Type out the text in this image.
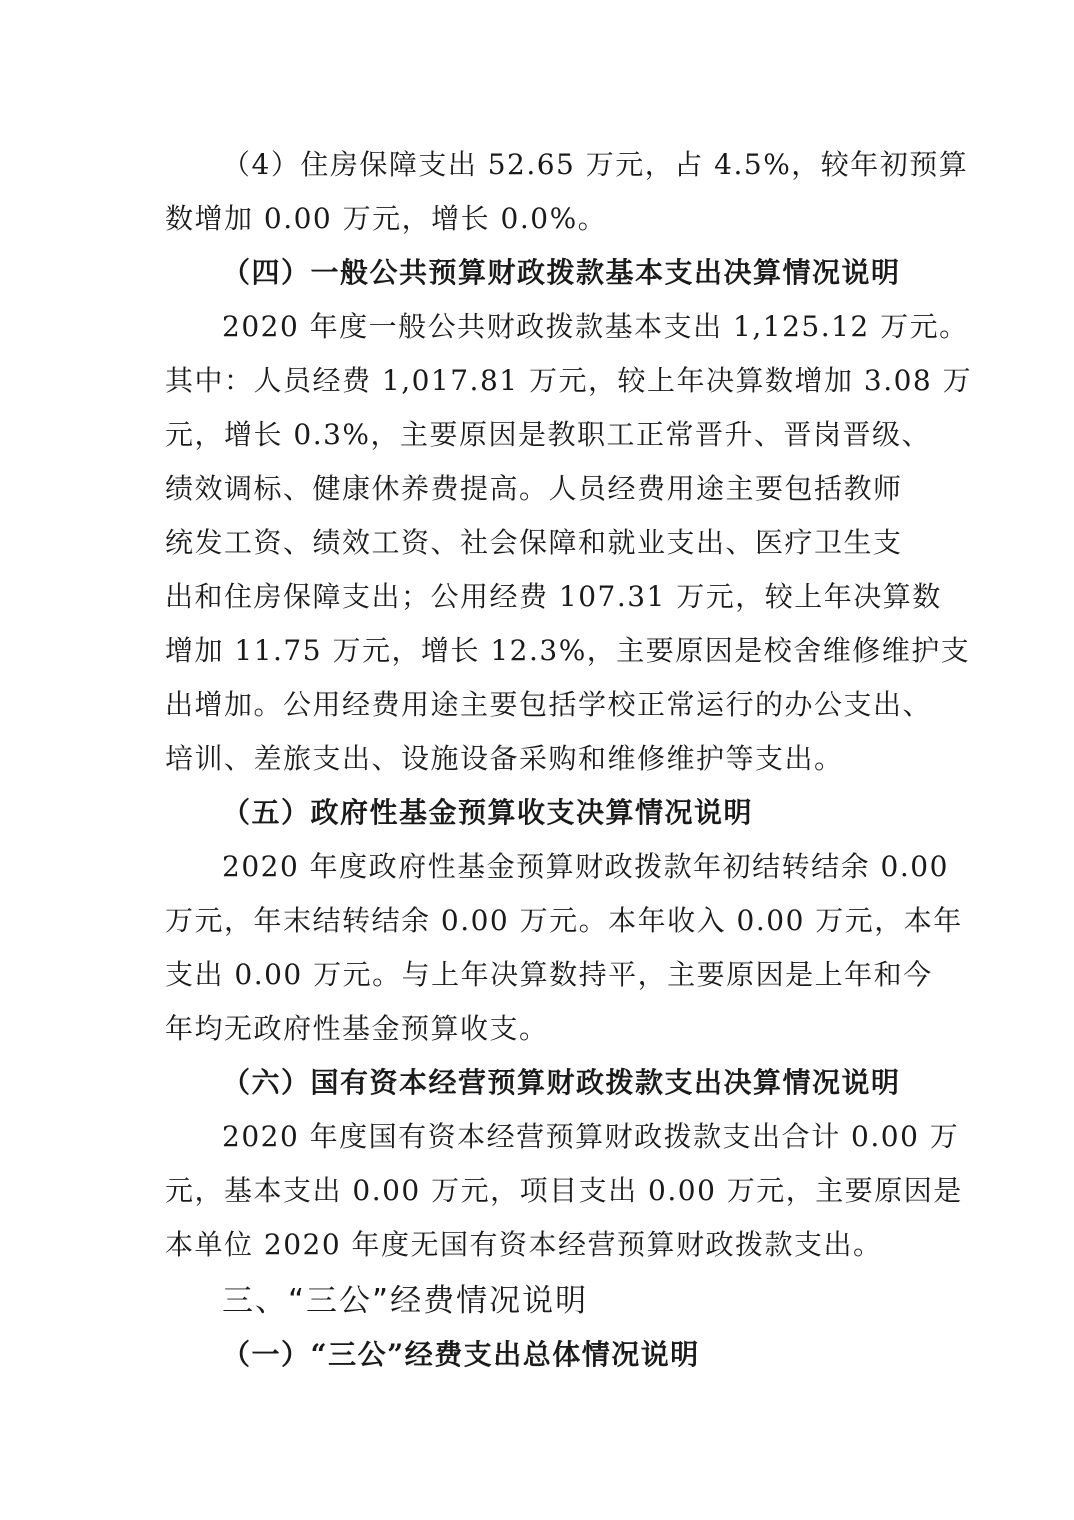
（4）住房保障支出 52.65 万元，占 4.5%，较年初预算
数增加 0.00 万元，增长 0.0%。
（四）一般公共预算财政拨款基本支出决算情况说明
2020 年度一般公共财政拨款基本支出 1,125.12 万元。
其中：人员经费 1,017.81 万元，较上年决算数增加 3.08 万
元，增长 0.3%，主要原因是教职工正常晋升、晋岗晋级、
绩效调标、健康休养费提高。人员经费用途主要包括教师
统发工资、绩效工资、社会保障和就业支出、医疗卫生支
出和住房保障支出；公用经费 107.31 万元，较上年决算数
增加 11.75 万元，增长 12.3%，主要原因是校舍维修维护支
出增加。公用经费用途主要包括学校正常运行的办公支出、
培训、差旅支出、设施设备采购和维修维护等支出。
（五）政府性基金预算收支决算情况说明
2020 年度政府性基金预算财政拨款年初结转结余 0.00
万元，年末结转结余 0.00 万元。本年收入 0.00 万元，本年
支出 0.00 万元。与上年决算数持平，主要原因是上年和今
年均无政府性基金预算收支。
（六）国有资本经营预算财政拨款支出决算情况说明
2020 年度国有资本经营预算财政拨款支出合计 0.00 万
元，基本支出 0.00 万元，项目支出 0.00 万元，主要原因是
本单位 2020 年度无国有资本经营预算财政拨款支出。
三、“三公”经费情况说明
（一）“三公”经费支出总体情况说明
